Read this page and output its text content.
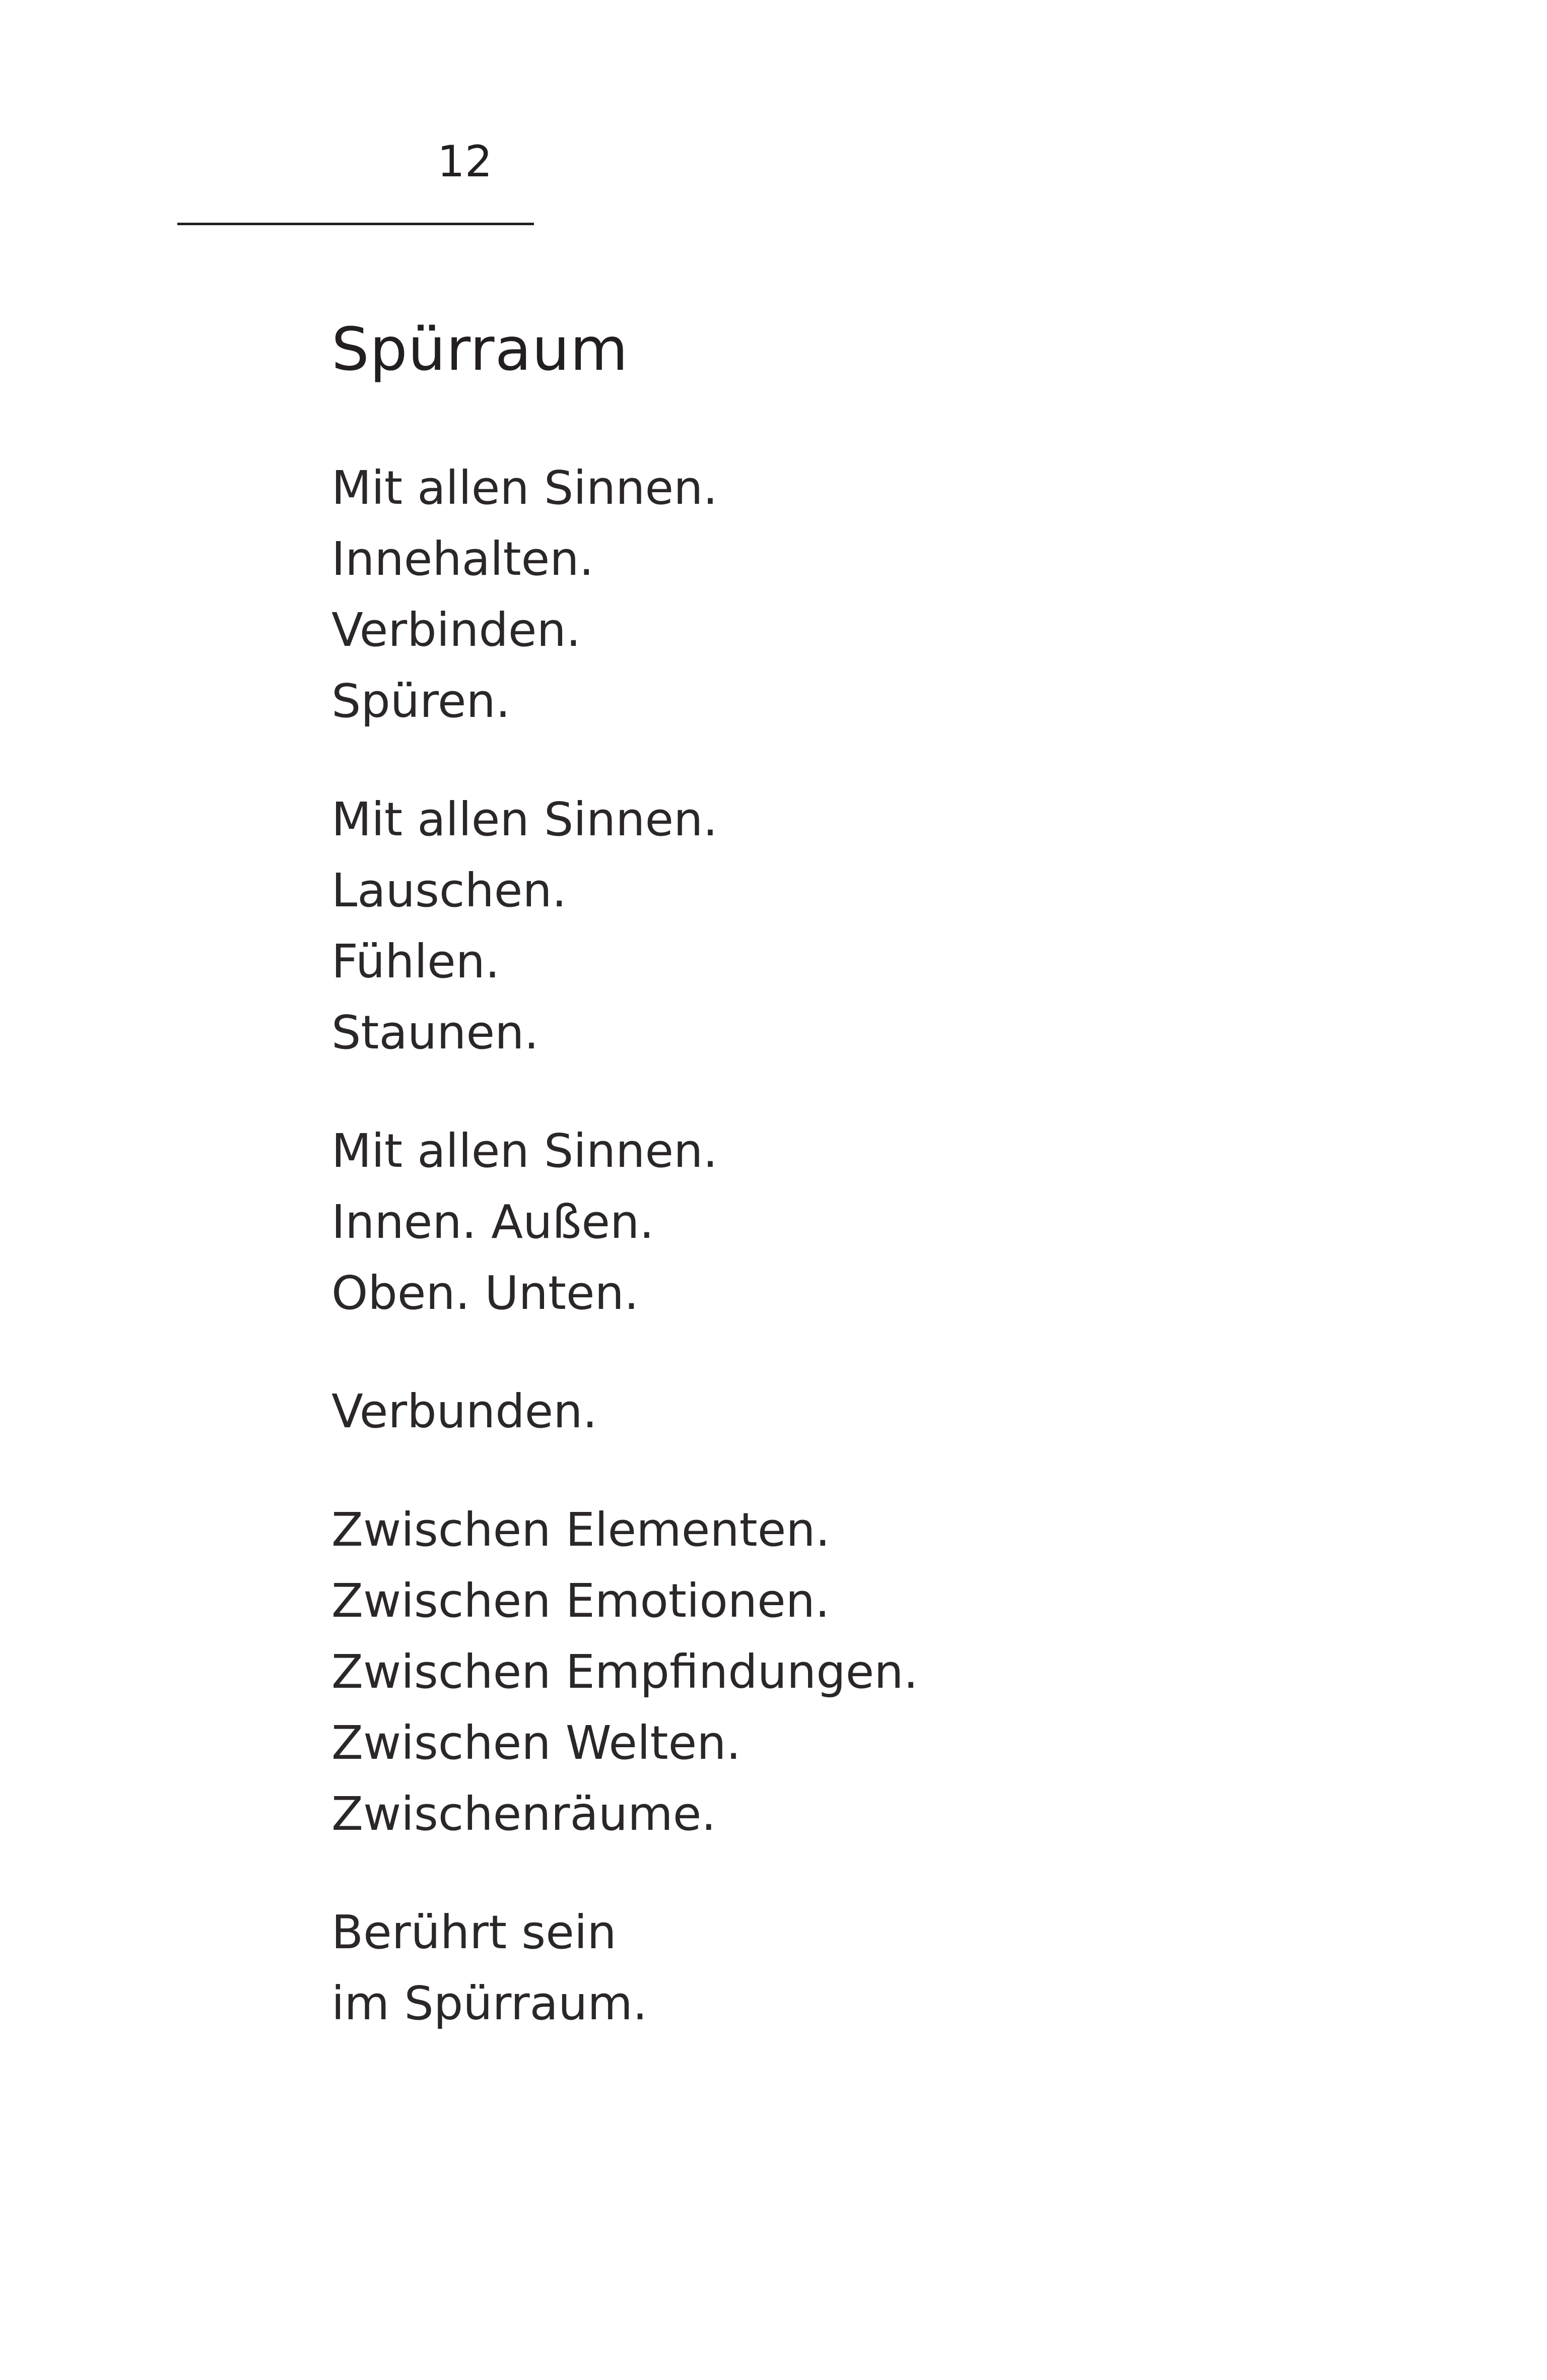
12
Spürraum
Mit allen Sinnen.
Innehalten.
Verbinden.
Spüren.
Mit allen Sinnen.
Lauschen.
Fühlen.
Staunen.
Mit allen Sinnen.
Innen. Außen.
Oben. Unten.
Verbunden.
Zwischen Elementen.
Zwischen Emotionen.
Zwischen Empfindungen.
Zwischen Welten.
Zwischenräume.
Berührt sein
im Spürraum.
